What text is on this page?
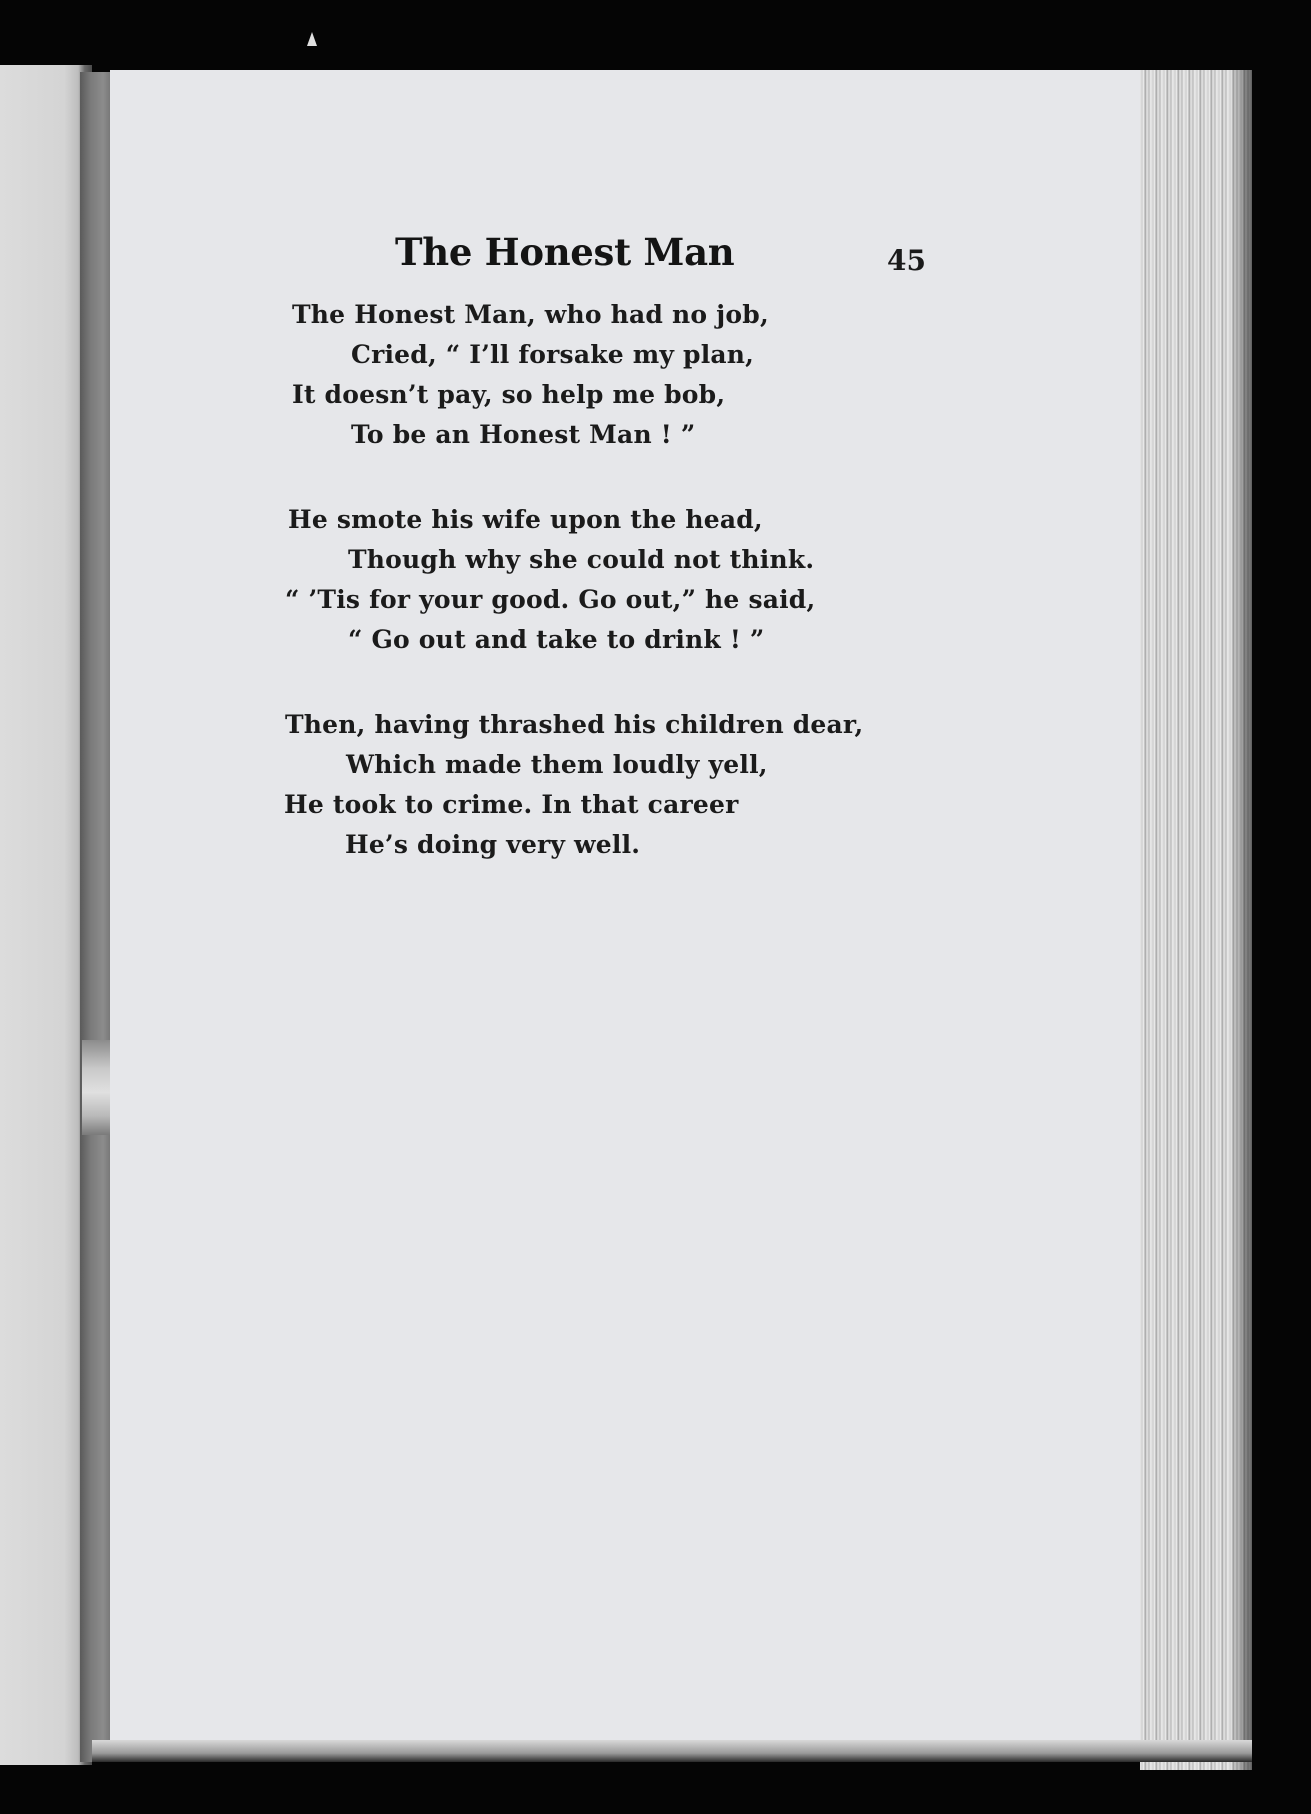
The Honest Man	45
The Honest Man, who had no job,
Cried, “ I’ll forsake my plan,
It doesn’t pay, so help me bob,
To be an Honest Man ! ”
He smote his wife upon the head,
Though why she could not think.
“ ’Tis for your good. Go out,” he said,
“ Go out and take to drink ! ”
Then, having thrashed his children dear,
Which made them loudly yell,
He took to crime. In that career
He’s doing very well.
